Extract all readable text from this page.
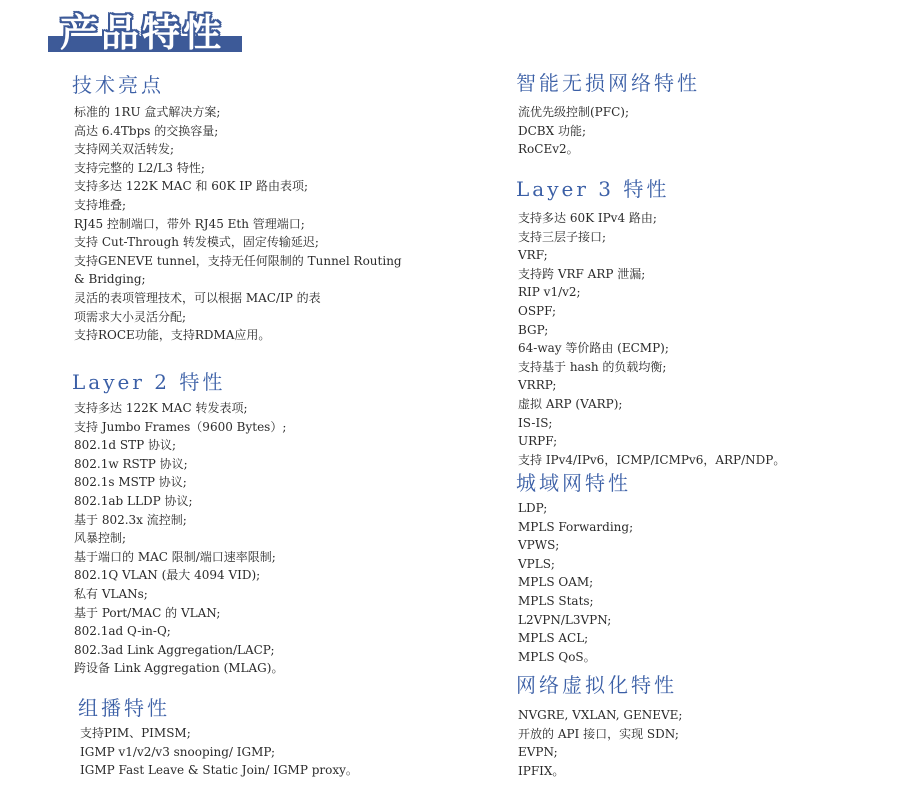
产品特性
技术亮点
标准的 1RU 盒式解决方案;
高达 6.4Tbps 的交换容量;
支持网关双活转发;
支持完整的 L2/L3 特性;
支持多达 122K MAC 和 60K IP 路由表项;
支持堆叠;
RJ45 控制端口，带外 RJ45 Eth 管理端口;
支持 Cut-Through 转发模式，固定传输延迟;
支持GENEVE tunnel，支持无任何限制的 Tunnel Routing
& Bridging;
灵活的表项管理技术，可以根据 MAC/IP 的表
项需求大小灵活分配;
支持ROCE功能，支持RDMA应用。
Layer 2 特性
支持多达 122K MAC 转发表项;
支持 Jumbo Frames（9600 Bytes）;
802.1d STP 协议;
802.1w RSTP 协议;
802.1s MSTP 协议;
802.1ab LLDP 协议;
基于 802.3x 流控制;
风暴控制;
基于端口的 MAC 限制/端口速率限制;
802.1Q VLAN (最大 4094 VID);
私有 VLANs;
基于 Port/MAC 的 VLAN;
802.1ad Q-in-Q;
802.3ad Link Aggregation/LACP;
跨设备 Link Aggregation (MLAG)。
组播特性
支持PIM、PIMSM;
IGMP v1/v2/v3 snooping/ IGMP;
IGMP Fast Leave & Static Join/ IGMP proxy。
智能无损网络特性
流优先级控制(PFC);
DCBX 功能;
RoCEv2。
Layer 3 特性
支持多达 60K IPv4 路由;
支持三层子接口;
VRF;
支持跨 VRF ARP 泄漏;
RIP v1/v2;
OSPF;
BGP;
64-way 等价路由 (ECMP);
支持基于 hash 的负载均衡;
VRRP;
虚拟 ARP (VARP);
IS-IS;
URPF;
支持 IPv4/IPv6，ICMP/ICMPv6，ARP/NDP。
城域网特性
LDP;
MPLS Forwarding;
VPWS;
VPLS;
MPLS OAM;
MPLS Stats;
L2VPN/L3VPN;
MPLS ACL;
MPLS QoS。
网络虚拟化特性
NVGRE, VXLAN, GENEVE;
开放的 API 接口，实现 SDN;
EVPN;
IPFIX。
